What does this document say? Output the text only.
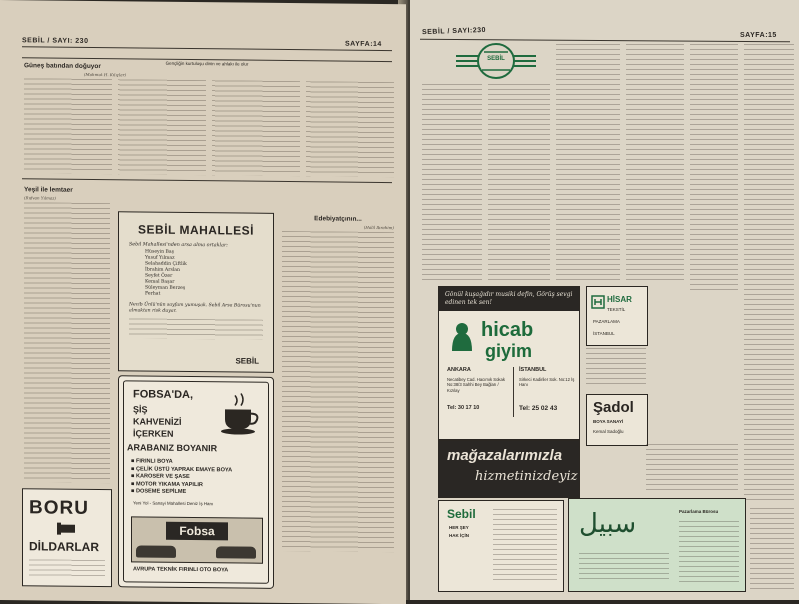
SEBİL / SAYI: 230	SAYFA:14
Gençliğin kurtuluşu dinin ve ahlakı ile olur
Güneş batından doğuyor
(Mahmut H. Kılıçlar)
Yeşil ile lemtaer
(Rıdvan Yılmaz)
SEBİL MAHALLESİ
Sebil Mahallesi'nden arsa alma ortaklar:
Hüseyin Baş
Yusuf Yılmaz
Selahaddin Çiftlik
İbrahim Arslan
Seyfet Özer
Kemal Başar
Süleyman Berzeş
Ferhat
Necib Ünlü'nün sayfam yumuşak. Sebil Arsa Bürosu'nun almaktan risk duyar.
SEBİL
Edebiyatçının...
(Halil Ibrahim)
FOBSA'DA,
ŞİŞ
KAHVENİZİ
İÇERKEN
ARABANIZ BOYANIR
■ FIRINLI BOYA
■ ÇELİK ÜSTÜ YAPRAK EMAYE BOYA
■ KAROSER VE ŞASE
■ MOTOR YIKAMA YAPILIR
■ DOSEME SEPİLME
Yeni Yol - Sanayi Mahallesi Deniz İş Hanı
Fobsa
AVRUPA TEKNİK FIRINLI OTO BOYA
BORU
DİLDARLAR
SEBİL / SAYI:230	SAYFA:15
SEBİL
Gönül kuşağıdır musiki defin, Görüş sevgi edinen tek sen!
hicab
giyim
ANKARA	İSTANBUL
Necatibey Cad. Hacımık Sokak No:38/3 Sahhi Bey Bağları / Kızılay
Sirkeci Kadiriler Sok. No:12 İş Hanı
Tel: 30 17 10	Tel: 25 02 43
HİSAR
TEKSTİL
PAZARLAMA
İSTANBUL
Şadol
BOYA SANAYİ
Kemal Sadoğlu
mağazalarımızla
hizmetinizdeyiz
Sebil
HER ŞEY
HAK İÇİN	سبيل	Pazarlama Bürosu
